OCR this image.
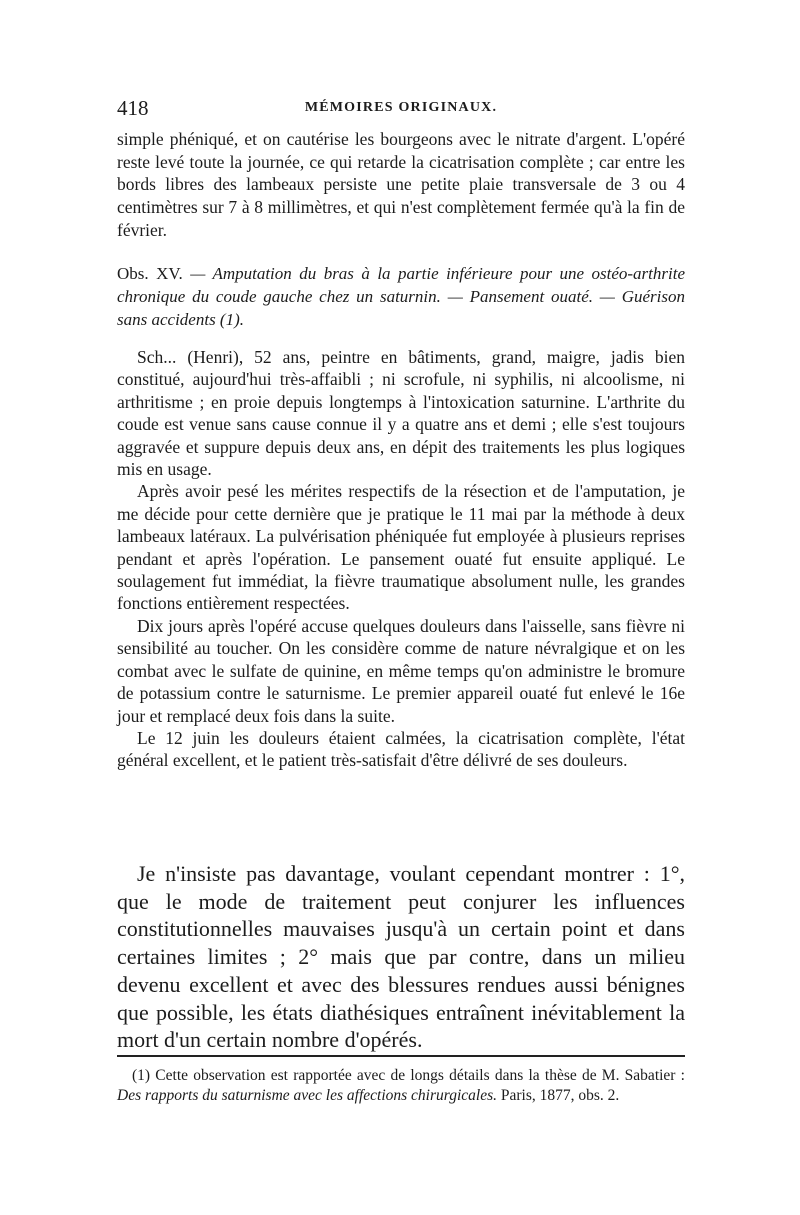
418	MÉMOIRES ORIGINAUX.

simple phéniqué, et on cautérise les bourgeons avec le nitrate d'argent. L'opéré reste levé toute la journée, ce qui retarde la cicatrisation complète ; car entre les bords libres des lambeaux persiste une petite plaie transversale de 3 ou 4 centimètres sur 7 à 8 millimètres, et qui n'est complètement fermée qu'à la fin de février.

Obs. XV. — Amputation du bras à la partie inférieure pour une ostéo-arthrite chronique du coude gauche chez un saturnin. — Pansement ouaté. — Guérison sans accidents (1).

Sch... (Henri), 52 ans, peintre en bâtiments, grand, maigre, jadis bien constitué, aujourd'hui très-affaibli ; ni scrofule, ni syphilis, ni alcoolisme, ni arthritisme ; en proie depuis longtemps à l'intoxication saturnine. L'arthrite du coude est venue sans cause connue il y a quatre ans et demi ; elle s'est toujours aggravée et suppure depuis deux ans, en dépit des traitements les plus logiques mis en usage.

Après avoir pesé les mérites respectifs de la résection et de l'amputation, je me décide pour cette dernière que je pratique le 11 mai par la méthode à deux lambeaux latéraux. La pulvérisation phéniquée fut employée à plusieurs reprises pendant et après l'opération. Le pansement ouaté fut ensuite appliqué. Le soulagement fut immédiat, la fièvre traumatique absolument nulle, les grandes fonctions entièrement respectées.

Dix jours après l'opéré accuse quelques douleurs dans l'aisselle, sans fièvre ni sensibilité au toucher. On les considère comme de nature névralgique et on les combat avec le sulfate de quinine, en même temps qu'on administre le bromure de potassium contre le saturnisme. Le premier appareil ouaté fut enlevé le 16e jour et remplacé deux fois dans la suite.

Le 12 juin les douleurs étaient calmées, la cicatrisation complète, l'état général excellent, et le patient très-satisfait d'être délivré de ses douleurs.

Je n'insiste pas davantage, voulant cependant montrer : 1°, que le mode de traitement peut conjurer les influences constitutionnelles mauvaises jusqu'à un certain point et dans certaines limites ; 2° mais que par contre, dans un milieu devenu excellent et avec des blessures rendues aussi bénignes que possible, les états diathésiques entraînent inévitablement la mort d'un certain nombre d'opérés.

(1) Cette observation est rapportée avec de longs détails dans la thèse de M. Sabatier : Des rapports du saturnisme avec les affections chirurgicales. Paris, 1877, obs. 2.
